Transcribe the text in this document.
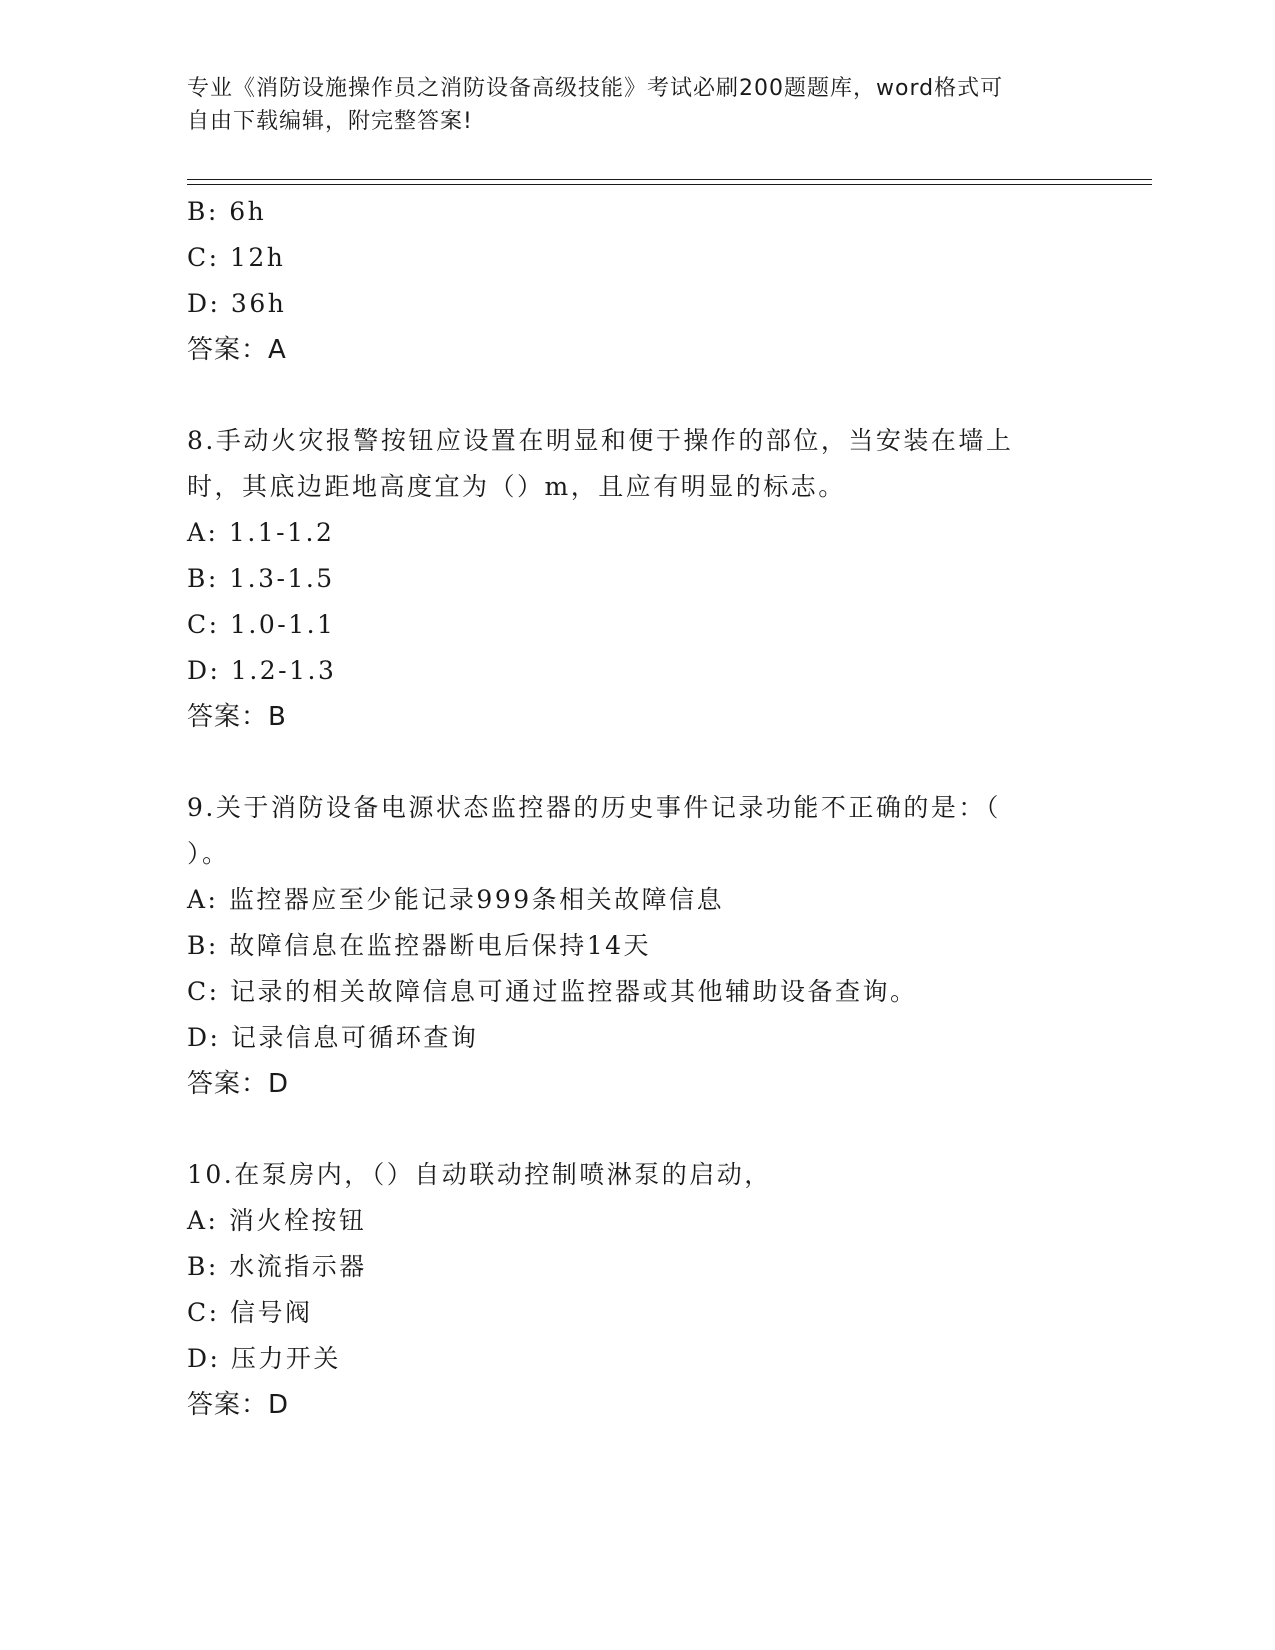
专业《消防设施操作员之消防设备高级技能》考试必刷200题题库，word格式可
自由下载编辑，附完整答案!
B: 6h
C: 12h
D: 36h
答案：A
8.手动火灾报警按钮应设置在明显和便于操作的部位，当安装在墙上
时，其底边距地高度宜为（）m，且应有明显的标志。
A: 1.1-1.2
B: 1.3-1.5
C: 1.0-1.1
D: 1.2-1.3
答案：B
9.关于消防设备电源状态监控器的历史事件记录功能不正确的是：（
）。
A: 监控器应至少能记录999条相关故障信息
B: 故障信息在监控器断电后保持14天
C: 记录的相关故障信息可通过监控器或其他辅助设备查询。
D: 记录信息可循环查询
答案：D
10.在泵房内，（）自动联动控制喷淋泵的启动，
A: 消火栓按钮
B: 水流指示器
C: 信号阀
D: 压力开关
答案：D
